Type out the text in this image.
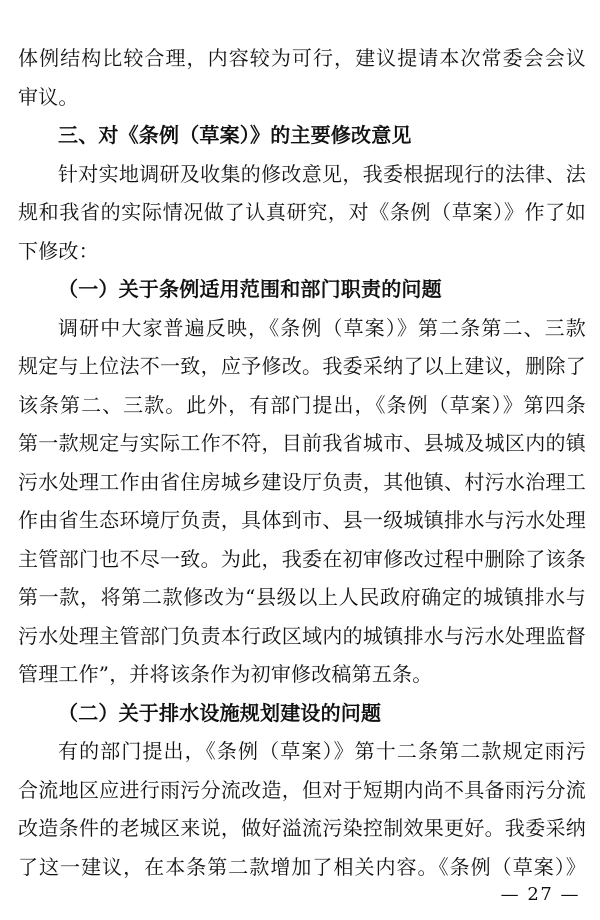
体例结构比较合理，内容较为可行，建议提请本次常委会会议
审议。
三、对《条例（草案）》的主要修改意见
针对实地调研及收集的修改意见，我委根据现行的法律、法
规和我省的实际情况做了认真研究，对《条例（草案）》作了如
下修改：
（一）关于条例适用范围和部门职责的问题
调研中大家普遍反映，《条例（草案）》第二条第二、三款
规定与上位法不一致，应予修改。我委采纳了以上建议，删除了
该条第二、三款。此外，有部门提出，《条例（草案）》第四条
第一款规定与实际工作不符，目前我省城市、县城及城区内的镇
污水处理工作由省住房城乡建设厅负责，其他镇、村污水治理工
作由省生态环境厅负责，具体到市、县一级城镇排水与污水处理
主管部门也不尽一致。为此，我委在初审修改过程中删除了该条
第一款，将第二款修改为“县级以上人民政府确定的城镇排水与
污水处理主管部门负责本行政区域内的城镇排水与污水处理监督
管理工作”，并将该条作为初审修改稿第五条。
（二）关于排水设施规划建设的问题
有的部门提出，《条例（草案）》第十二条第二款规定雨污
合流地区应进行雨污分流改造，但对于短期内尚不具备雨污分流
改造条件的老城区来说，做好溢流污染控制效果更好。我委采纳
了这一建议，在本条第二款增加了相关内容。《条例（草案）》
— 27 —
